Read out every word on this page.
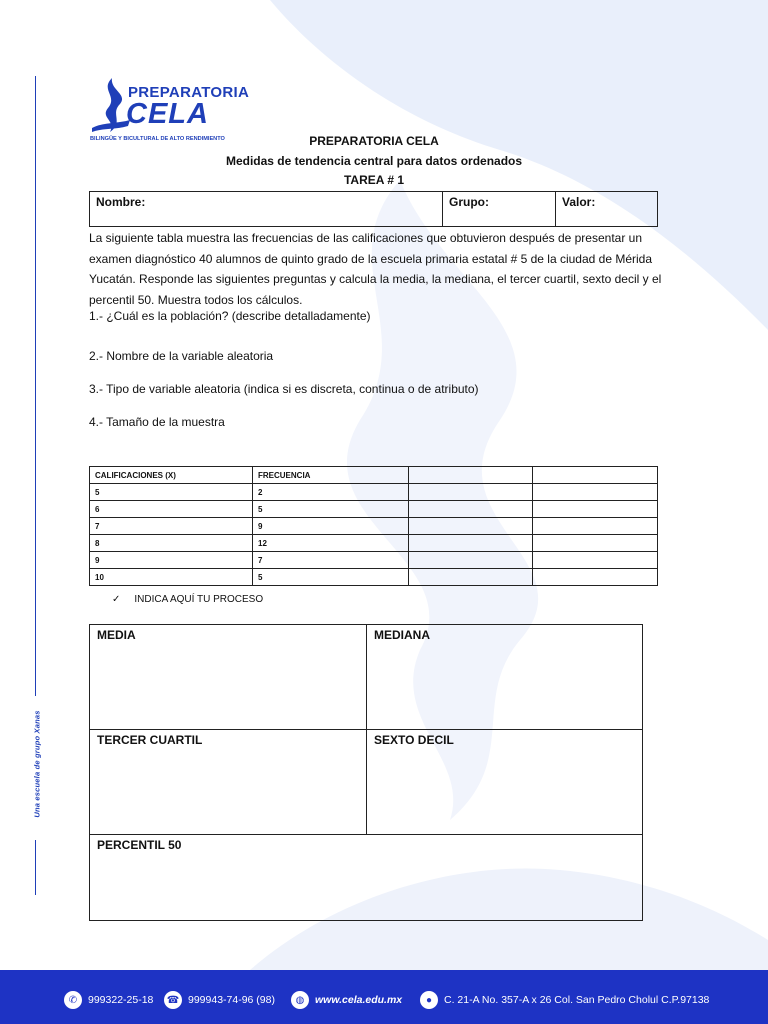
Una escuela de grupo Xanas
PREPARATORIA
CELA
BILINGÜE Y BICULTURAL DE ALTO RENDIMIENTO	PREPARATORIA CELA
Medidas de tendencia central para datos ordenados
TAREA # 1
Nombre:	Grupo:	Valor:
La siguiente tabla muestra las frecuencias de las calificaciones que obtuvieron después de presentar un examen diagnóstico 40 alumnos de quinto grado de la escuela primaria estatal # 5 de la ciudad de Mérida Yucatán. Responde las siguientes preguntas y calcula la media, la mediana, el tercer cuartil, sexto decil y el percentil 50. Muestra todos los cálculos.
1.- ¿Cuál es la población? (describe detalladamente)
2.- Nombre de la variable aleatoria
3.- Tipo de variable aleatoria (indica si es discreta, continua o de atributo)
4.- Tamaño de la muestra
CALIFICACIONES (X)	FRECUENCIA		
5	2		
6	5		
7	9		
8	12		
9	7		
10	5		
✓ INDICA AQUÍ TU PROCESO
MEDIA	MEDIANA
TERCER CUARTIL	SEXTO DECIL
PERCENTIL 50
✆	999322-25-18 ☎ 999943-74-96 (98)	◍	www.cela.edu.mx	●	C. 21-A No. 357-A x 26 Col. San Pedro Cholul C.P.97138
